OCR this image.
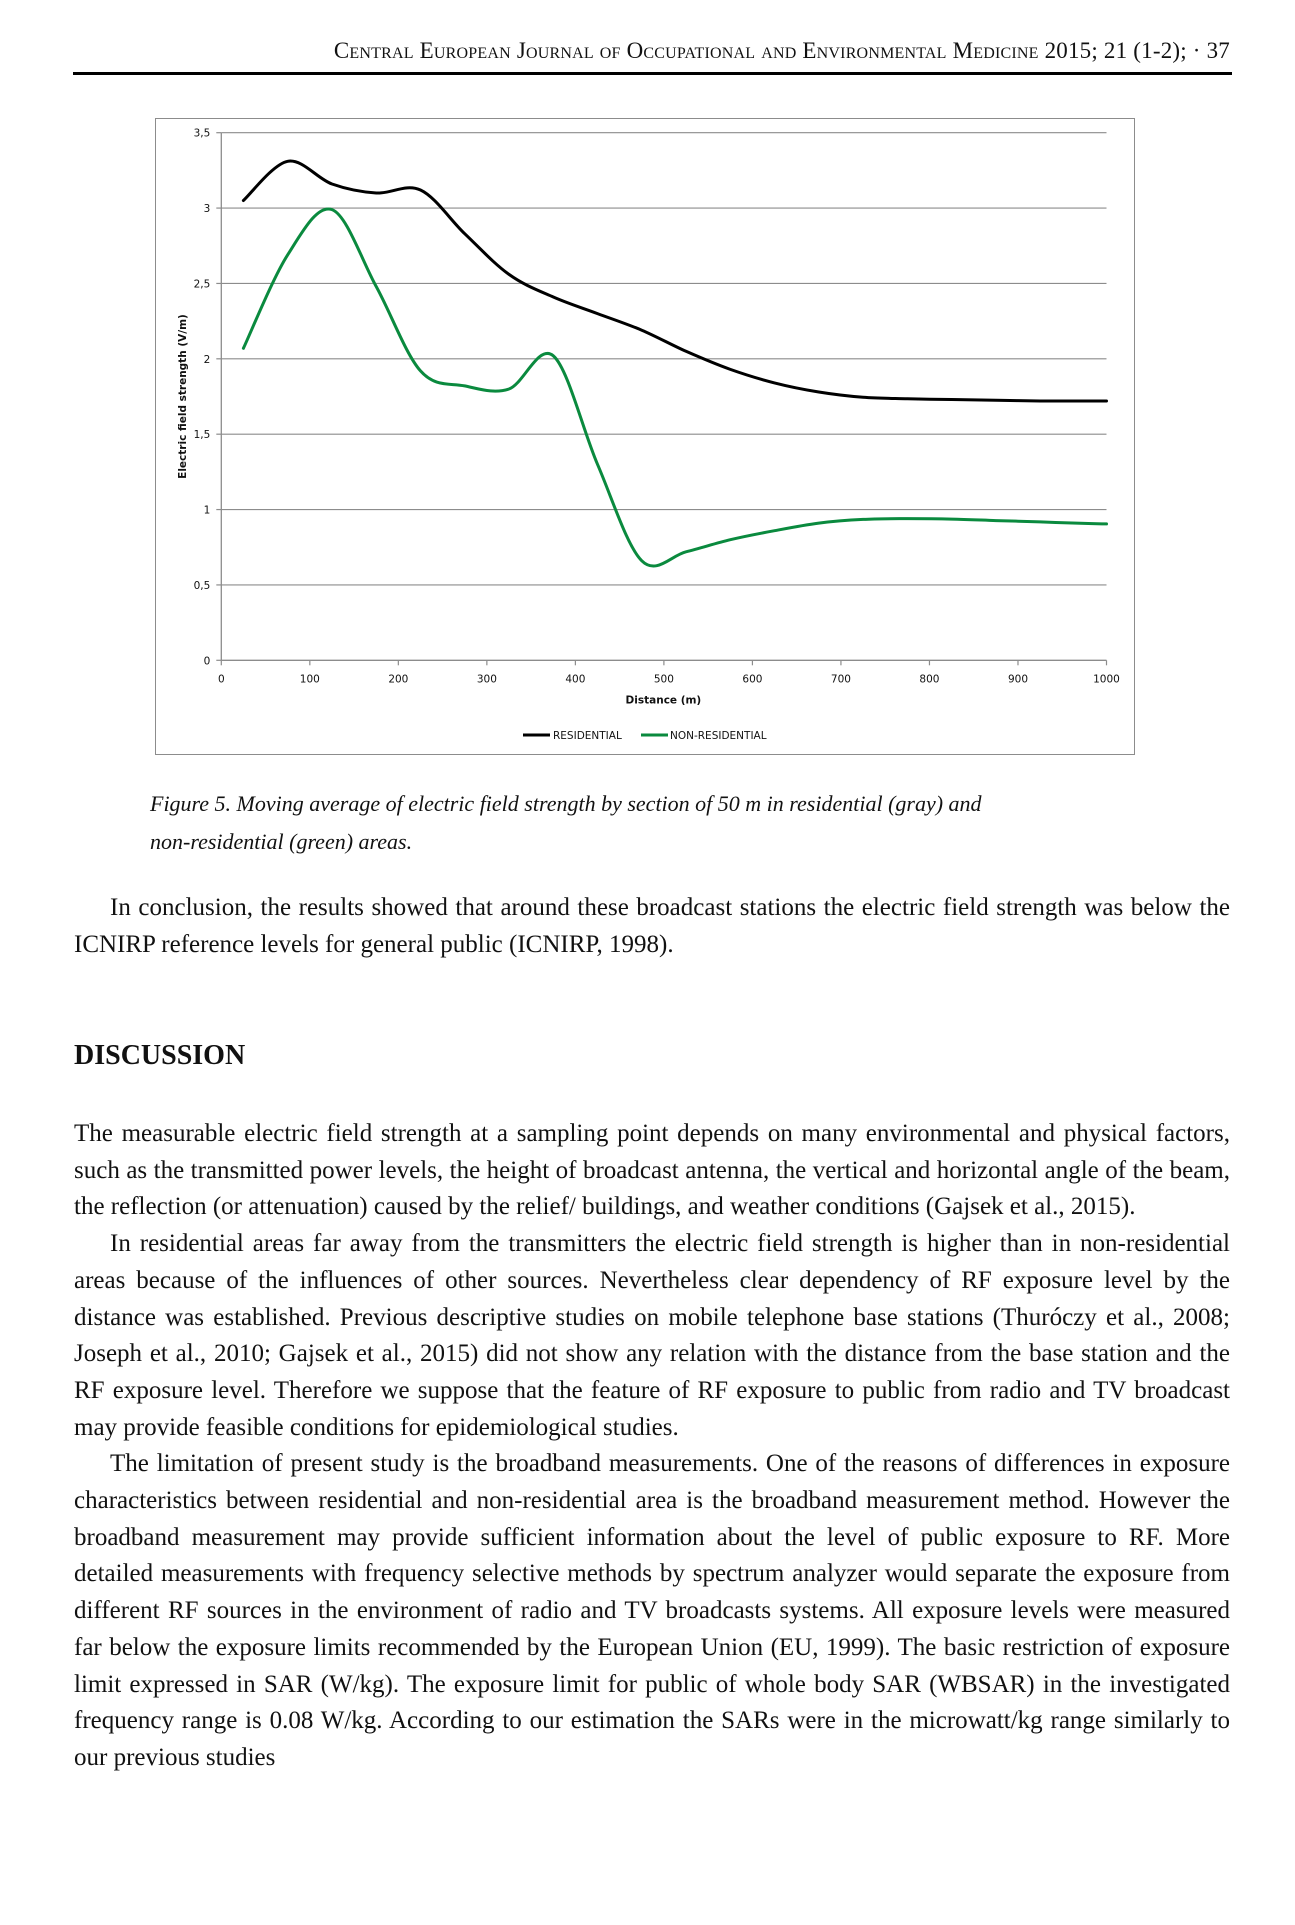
Central European Journal of Occupational and Environmental Medicine 2015; 21 (1-2); · 37
0
0,5
1
1,5
2
2,5
3
3,5
0	100	200	300	400	500	600	700	800	900	1000
Distance (m)
Electric field strength (V/m)
RESIDENTIAL	NON-RESIDENTIAL
Figure 5. Moving average of electric field strength by section of 50 m in residential (gray) and
non-residential (green) areas.

In conclusion, the results showed that around these broadcast stations the electric field strength was below the ICNIRP reference levels for general public (ICNIRP, 1998).

DISCUSSION

The measurable electric field strength at a sampling point depends on many environmental and physical factors, such as the transmitted power levels, the height of broadcast antenna, the vertical and horizontal angle of the beam, the reflection (or attenuation) caused by the relief/ buildings, and weather conditions (Gajsek et al., 2015).

In residential areas far away from the transmitters the electric field strength is higher than in non-residential areas because of the influences of other sources. Nevertheless clear dependency of RF exposure level by the distance was established. Previous descriptive studies on mobile telephone base stations (Thuróczy et al., 2008; Joseph et al., 2010; Gajsek et al., 2015) did not show any relation with the distance from the base station and the RF exposure level. Therefore we suppose that the feature of RF exposure to public from radio and TV broadcast may provide feasible conditions for epidemiological studies.

The limitation of present study is the broadband measurements. One of the reasons of differences in exposure characteristics between residential and non-residential area is the broadband measurement method. However the broadband measurement may provide sufficient information about the level of public exposure to RF. More detailed measurements with frequency selective methods by spectrum analyzer would separate the exposure from different RF sources in the environment of radio and TV broadcasts systems. All exposure levels were measured far below the exposure limits recommended by the European Union (EU, 1999). The basic restriction of exposure limit expressed in SAR (W/kg). The exposure limit for public of whole body SAR (WBSAR) in the investigated frequency range is 0.08 W/kg. According to our estimation the SARs were in the microwatt/kg range similarly to our previous studies
